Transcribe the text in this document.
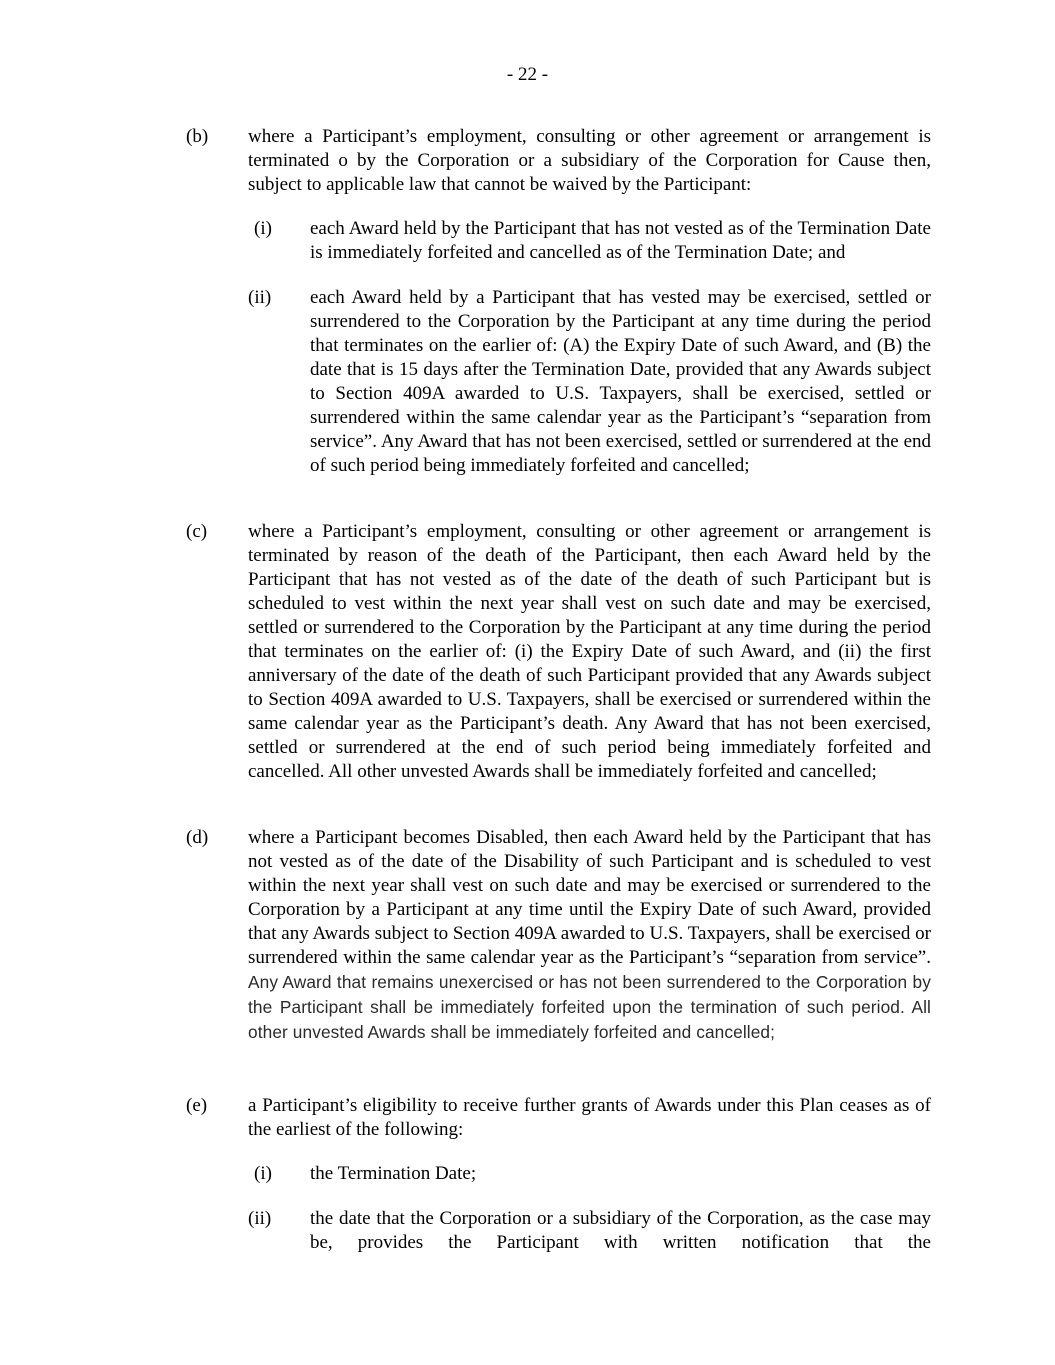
- 22 -
(b) where a Participant’s employment, consulting or other agreement or arrangement is terminated o by the Corporation or a subsidiary of the Corporation for Cause then, subject to applicable law that cannot be waived by the Participant:
(i) each Award held by the Participant that has not vested as of the Termination Date is immediately forfeited and cancelled as of the Termination Date; and
(ii) each Award held by a Participant that has vested may be exercised, settled or surrendered to the Corporation by the Participant at any time during the period that terminates on the earlier of: (A) the Expiry Date of such Award, and (B) the date that is 15 days after the Termination Date, provided that any Awards subject to Section 409A awarded to U.S. Taxpayers, shall be exercised, settled or surrendered within the same calendar year as the Participant’s “separation from service”. Any Award that has not been exercised, settled or surrendered at the end of such period being immediately forfeited and cancelled;
(c) where a Participant’s employment, consulting or other agreement or arrangement is terminated by reason of the death of the Participant, then each Award held by the Participant that has not vested as of the date of the death of such Participant but is scheduled to vest within the next year shall vest on such date and may be exercised, settled or surrendered to the Corporation by the Participant at any time during the period that terminates on the earlier of: (i) the Expiry Date of such Award, and (ii) the first anniversary of the date of the death of such Participant provided that any Awards subject to Section 409A awarded to U.S. Taxpayers, shall be exercised or surrendered within the same calendar year as the Participant’s death. Any Award that has not been exercised, settled or surrendered at the end of such period being immediately forfeited and cancelled. All other unvested Awards shall be immediately forfeited and cancelled;
(d) where a Participant becomes Disabled, then each Award held by the Participant that has not vested as of the date of the Disability of such Participant and is scheduled to vest within the next year shall vest on such date and may be exercised or surrendered to the Corporation by a Participant at any time until the Expiry Date of such Award, provided that any Awards subject to Section 409A awarded to U.S. Taxpayers, shall be exercised or surrendered within the same calendar year as the Participant’s “separation from service”. Any Award that remains unexercised or has not been surrendered to the Corporation by the Participant shall be immediately forfeited upon the termination of such period. All other unvested Awards shall be immediately forfeited and cancelled;
(e) a Participant’s eligibility to receive further grants of Awards under this Plan ceases as of the earliest of the following:
(i) the Termination Date;
(ii) the date that the Corporation or a subsidiary of the Corporation, as the case may be, provides the Participant with written notification that the
